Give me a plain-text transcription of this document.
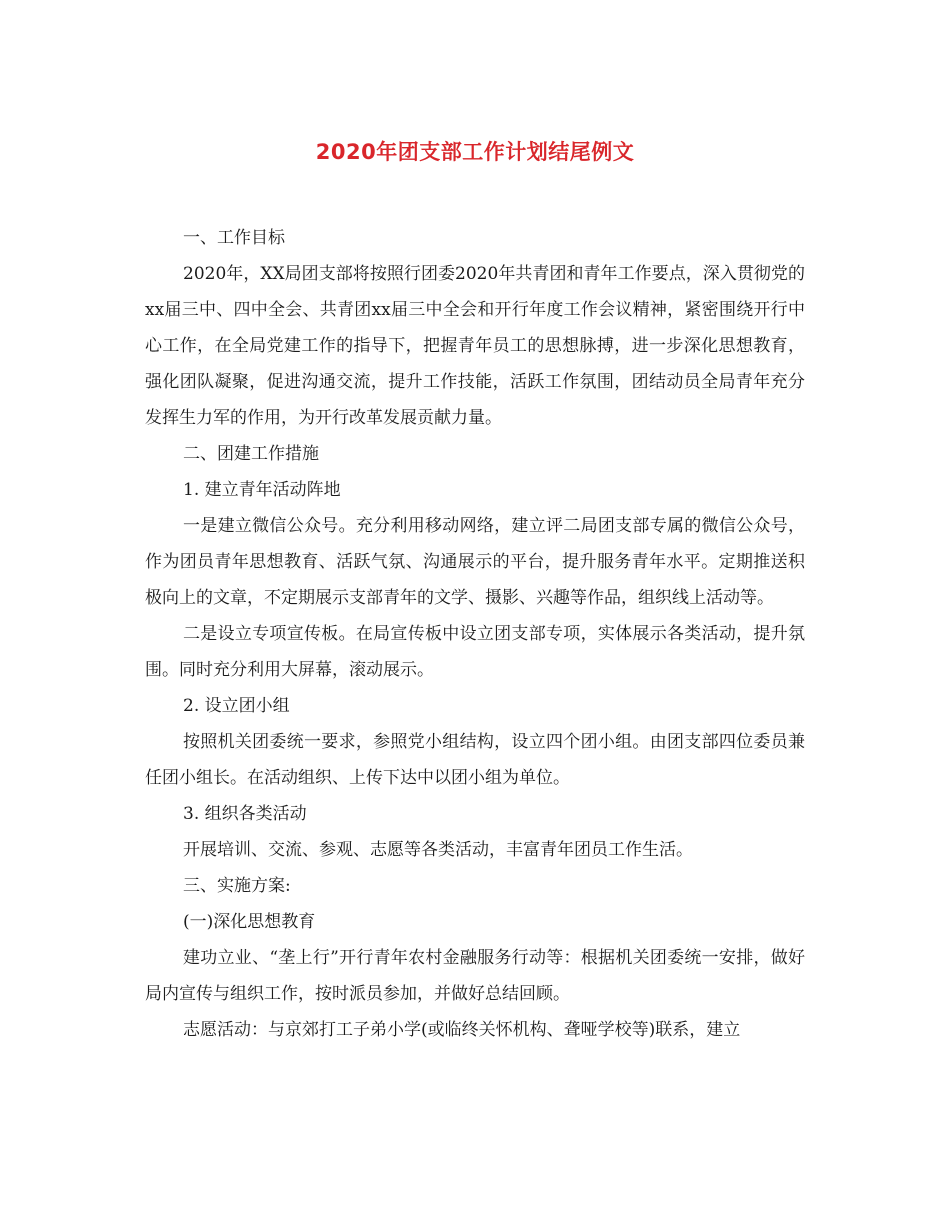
2020年团支部工作计划结尾例文

一、工作目标

2020年，XX局团支部将按照行团委2020年共青团和青年工作要点，深入贯彻党的xx届三中、四中全会、共青团xx届三中全会和开行年度工作会议精神，紧密围绕开行中心工作，在全局党建工作的指导下，把握青年员工的思想脉搏，进一步深化思想教育，强化团队凝聚，促进沟通交流，提升工作技能，活跃工作氛围，团结动员全局青年充分发挥生力军的作用，为开行改革发展贡献力量。

二、团建工作措施

1. 建立青年活动阵地

一是建立微信公众号。充分利用移动网络，建立评二局团支部专属的微信公众号，作为团员青年思想教育、活跃气氛、沟通展示的平台，提升服务青年水平。定期推送积极向上的文章，不定期展示支部青年的文学、摄影、兴趣等作品，组织线上活动等。

二是设立专项宣传板。在局宣传板中设立团支部专项，实体展示各类活动，提升氛围。同时充分利用大屏幕，滚动展示。

2. 设立团小组

按照机关团委统一要求，参照党小组结构，设立四个团小组。由团支部四位委员兼任团小组长。在活动组织、上传下达中以团小组为单位。

3. 组织各类活动

开展培训、交流、参观、志愿等各类活动，丰富青年团员工作生活。

三、实施方案:

(一)深化思想教育

建功立业、“垄上行”开行青年农村金融服务行动等：根据机关团委统一安排，做好局内宣传与组织工作，按时派员参加，并做好总结回顾。

志愿活动：与京郊打工子弟小学(或临终关怀机构、聋哑学校等)联系，建立
